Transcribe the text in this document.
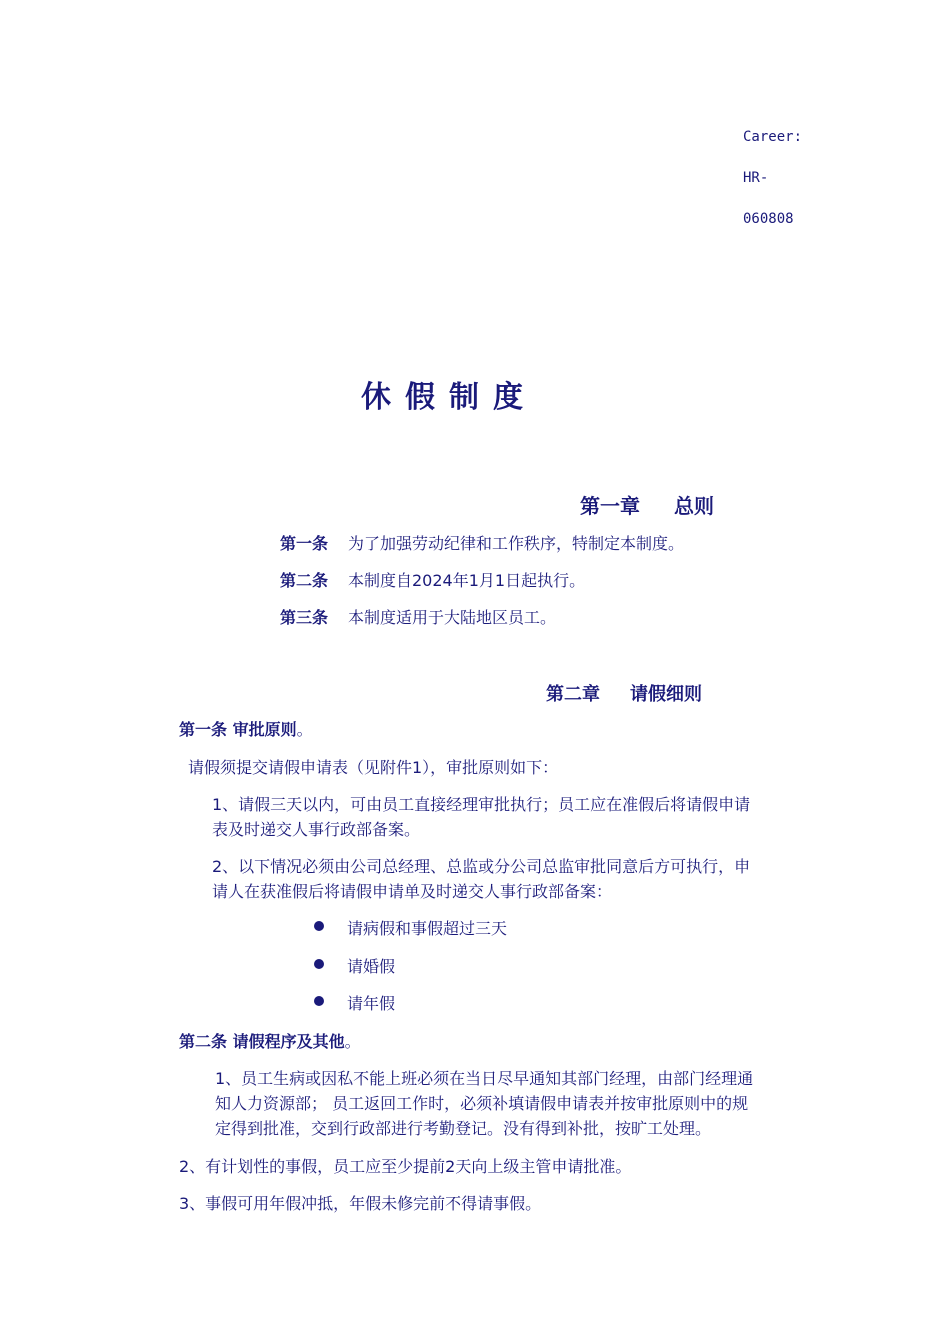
Career:
HR-
060808
休假制度
第一章 总则
第一条 为了加强劳动纪律和工作秩序，特制定本制度。
第二条 本制度自2024年1月1日起执行。
第三条 本制度适用于大陆地区员工。
第二章 请假细则
第一条 审批原则。
请假须提交请假申请表（见附件1），审批原则如下：
1、请假三天以内，可由员工直接经理审批执行；员工应在准假后将请假申请
表及时递交人事行政部备案。
2、以下情况必须由公司总经理、总监或分公司总监审批同意后方可执行，申
请人在获准假后将请假申请单及时递交人事行政部备案：
请病假和事假超过三天
请婚假
请年假
第二条 请假程序及其他。
1、员工生病或因私不能上班必须在当日尽早通知其部门经理，由部门经理通
知人力资源部； 员工返回工作时，必须补填请假申请表并按审批原则中的规
定得到批准，交到行政部进行考勤登记。没有得到补批，按旷工处理。
2、有计划性的事假，员工应至少提前2天向上级主管申请批准。
3、事假可用年假冲抵，年假未修完前不得请事假。
